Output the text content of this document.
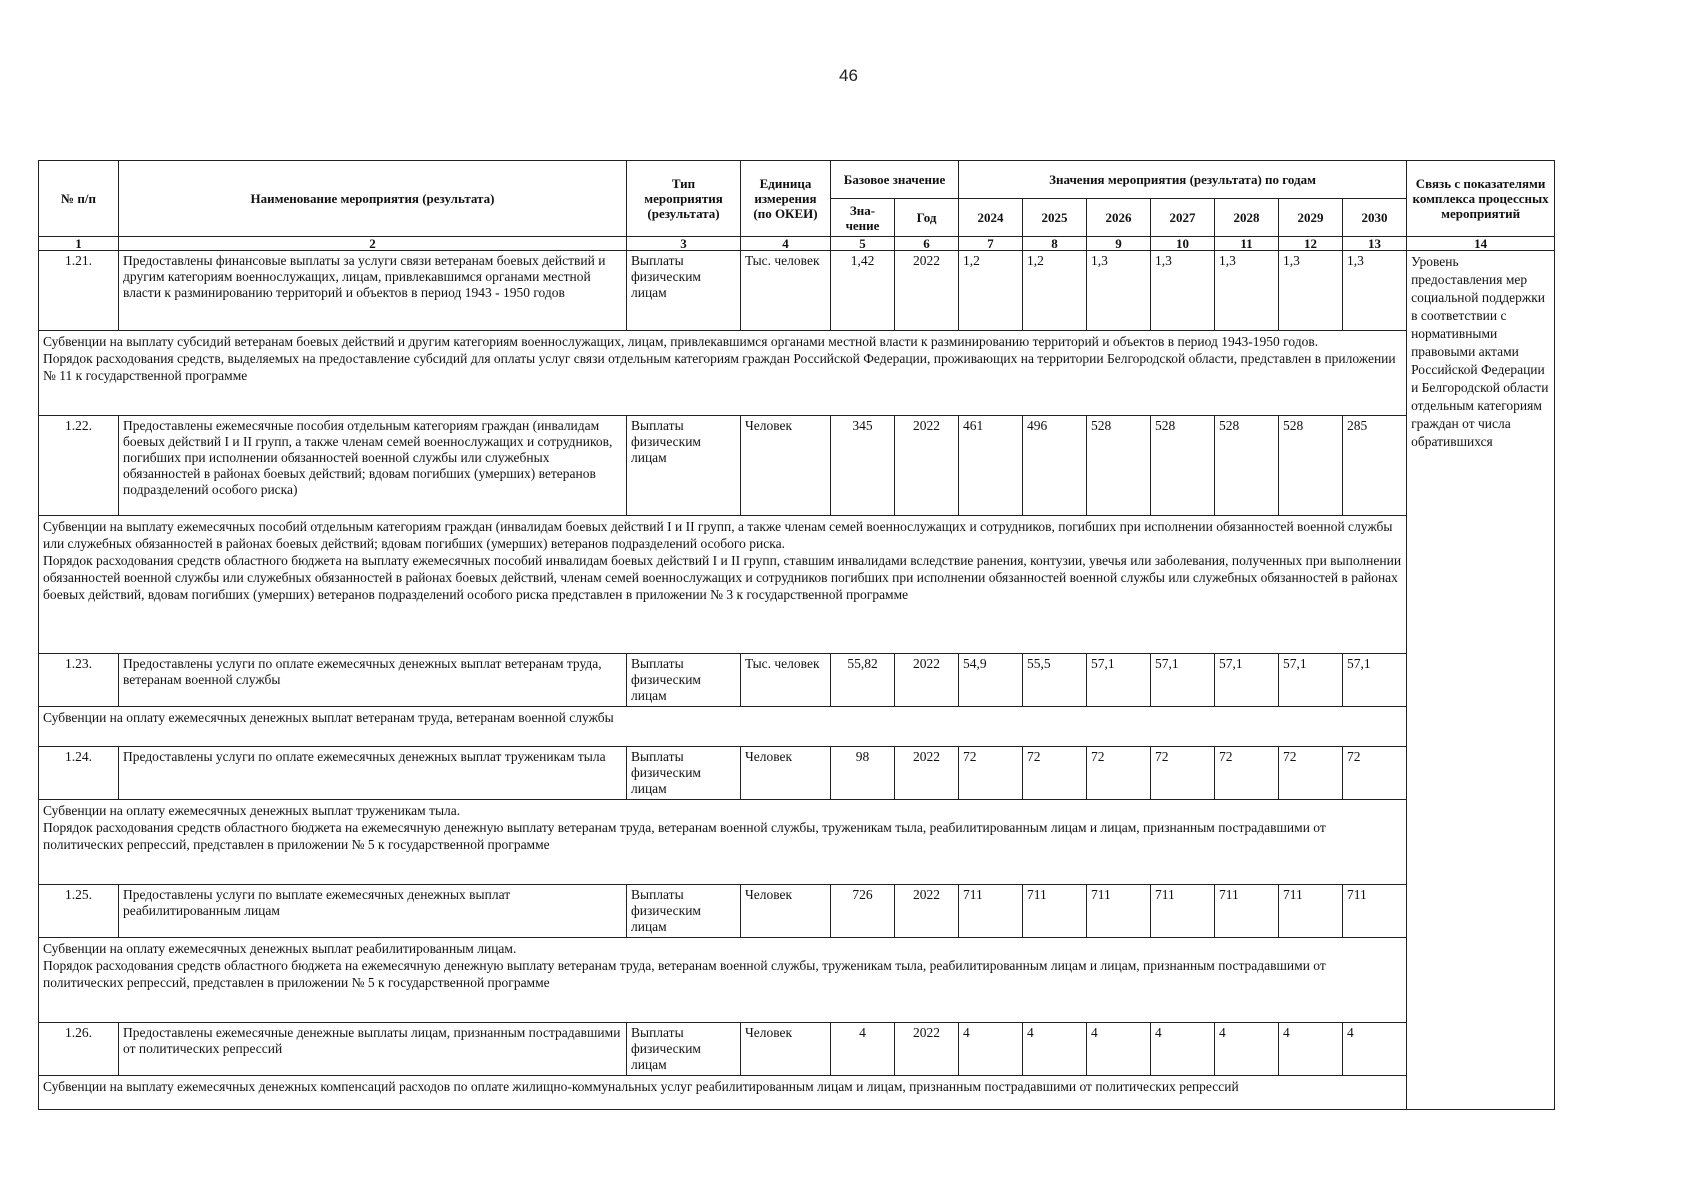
46
№ п/п	Наименование мероприятия (результата)	Тип мероприятия (результата)	Единица измерения (по ОКЕИ)	Базовое значение		Значения мероприятия (результата) по годам							Связь с показателями комплекса процессных мероприятий
				Зна-чение	Год	2024	2025	2026	2027	2028	2029	2030	
1	2	3	4	5	6	7	8	9	10	11	12	13	14
1.21.	Предоставлены финансовые выплаты за услуги связи ветеранам боевых действий и другим категориям военнослужащих, лицам, привлекавшимся органами местной власти к разминированию территорий и объектов в период 1943 - 1950 годов	Выплаты физическим лицам	Тыс. человек	1,42	2022	1,2	1,2	1,3	1,3	1,3	1,3	1,3	Уровень предоставления мер социальной поддержки в соответствии с нормативными правовыми актами Российской Федерации и Белгородской области отдельным категориям граждан от числа обратившихся

Субвенции на выплату субсидий ветеранам боевых действий и другим категориям военнослужащих, лицам, привлекавшимся органами местной власти к разминированию территорий и объектов в период 1943-1950 годов.
Порядок расходования средств, выделяемых на предоставление субсидий для оплаты услуг связи отдельным категориям граждан Российской Федерации, проживающих на территории Белгородской области, представлен в приложении № 11 к государственной программе													

1.22.	Предоставлены ежемесячные пособия отдельным категориям граждан (инвалидам боевых действий I и II групп, а также членам семей военнослужащих и сотрудников, погибших при исполнении обязанностей военной службы или служебных обязанностей в районах боевых действий; вдовам погибших (умерших) ветеранов подразделений особого риска)	Выплаты физическим лицам	Человек	345	2022	461	496	528	528	528	528	285	

Субвенции на выплату ежемесячных пособий отдельным категориям граждан (инвалидам боевых действий I и II групп, а также членам семей военнослужащих и сотрудников, погибших при исполнении обязанностей военной службы или служебных обязанностей в районах боевых действий; вдовам погибших (умерших) ветеранов подразделений особого риска.
Порядок расходования средств областного бюджета на выплату ежемесячных пособий инвалидам боевых действий I и II групп, ставшим инвалидами вследствие ранения, контузии, увечья или заболевания, полученных при выполнении обязанностей военной службы или служебных обязанностей в районах боевых действий, членам семей военнослужащих и сотрудников погибших при исполнении обязанностей военной службы или служебных обязанностей в районах боевых действий, вдовам погибших (умерших) ветеранов подразделений особого риска представлен в приложении № 3 к государственной программе													

1.23.	Предоставлены услуги по оплате ежемесячных денежных выплат ветеранам труда, ветеранам военной службы	Выплаты физическим лицам	Тыс. человек	55,82	2022	54,9	55,5	57,1	57,1	57,1	57,1	57,1	

Субвенции на оплату ежемесячных денежных выплат ветеранам труда, ветеранам военной службы													

1.24.	Предоставлены услуги по оплате ежемесячных денежных выплат труженикам тыла	Выплаты физическим лицам	Человек	98	2022	72	72	72	72	72	72	72	

Субвенции на оплату ежемесячных денежных выплат труженикам тыла.
Порядок расходования средств областного бюджета на ежемесячную денежную выплату ветеранам труда, ветеранам военной службы, труженикам тыла, реабилитированным лицам и лицам, признанным пострадавшими от политических репрессий, представлен в приложении № 5 к государственной программе													

1.25.	Предоставлены услуги по выплате ежемесячных денежных выплат реабилитированным лицам	Выплаты физическим лицам	Человек	726	2022	711	711	711	711	711	711	711	

Субвенции на оплату ежемесячных денежных выплат реабилитированным лицам.
Порядок расходования средств областного бюджета на ежемесячную денежную выплату ветеранам труда, ветеранам военной службы, труженикам тыла, реабилитированным лицам и лицам, признанным пострадавшими от политических репрессий, представлен в приложении № 5 к государственной программе													

1.26.	Предоставлены ежемесячные денежные выплаты лицам, признанным пострадавшими от политических репрессий	Выплаты физическим лицам	Человек	4	2022	4	4	4	4	4	4	4	

Субвенции на выплату ежемесячных денежных компенсаций расходов по оплате жилищно-коммунальных услуг реабилитированным лицам и лицам, признанным пострадавшими от политических репрессий													
